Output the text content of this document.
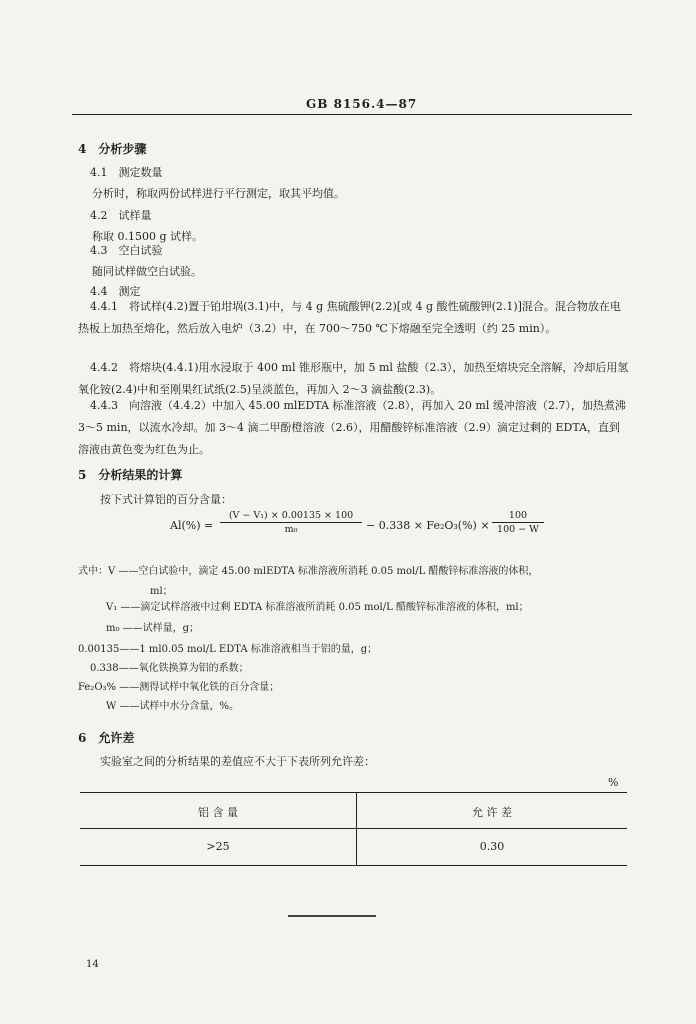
GB 8156.4—87
4　分析步骤
4.1　测定数量
分析时，称取两份试样进行平行测定，取其平均值。
4.2　试样量
称取 0.1500 g 试样。
4.3　空白试验
随同试样做空白试验。
4.4　测定
4.4.1　将试样(4.2)置于铂坩埚(3.1)中，与 4 g 焦硫酸钾(2.2)[或 4 g 酸性硫酸钾(2.1)]混合。混合物放在电热板上加热至熔化，然后放入电炉（3.2）中，在 700～750 ℃下熔融至完全透明（约 25 min）。
4.4.2　将熔块(4.4.1)用水浸取于 400 ml 锥形瓶中，加 5 ml 盐酸（2.3），加热至熔块完全溶解，冷却后用氢氧化铵(2.4)中和至刚果红试纸(2.5)呈淡蓝色，再加入 2～3 滴盐酸(2.3)。
4.4.3　向溶液（4.4.2）中加入 45.00 mlEDTA 标准溶液（2.8），再加入 20 ml 缓冲溶液（2.7），加热煮沸 3～5 min，以流水冷却。加 3～4 滴二甲酚橙溶液（2.6），用醋酸锌标准溶液（2.9）滴定过剩的 EDTA，直到溶液由黄色变为红色为止。
5　分析结果的计算
按下式计算铝的百分含量：
Al(%) =
(V − V₁) × 0.00135 × 100
m₀	− 0.338 × Fe₂O₃(%) ×
100
100 − W
式中：V ——空白试验中，滴定 45.00 mlEDTA 标准溶液所消耗 0.05 mol/L 醋酸锌标准溶液的体积，
ml；
V₁ ——滴定试样溶液中过剩 EDTA 标准溶液所消耗 0.05 mol/L 醋酸锌标准溶液的体积，ml；
m₀ ——试样量，g；
0.00135——1 ml0.05 mol/L EDTA 标准溶液相当于铝的量，g；
0.338——氧化铁换算为铝的系数；
Fe₂O₃% ——测得试样中氧化铁的百分含量；
W ——试样中水分含量，%。
6　允许差
实验室之间的分析结果的差值应不大于下表所列允许差：
%
铝 含 量	允 许 差
>25	0.30
14
